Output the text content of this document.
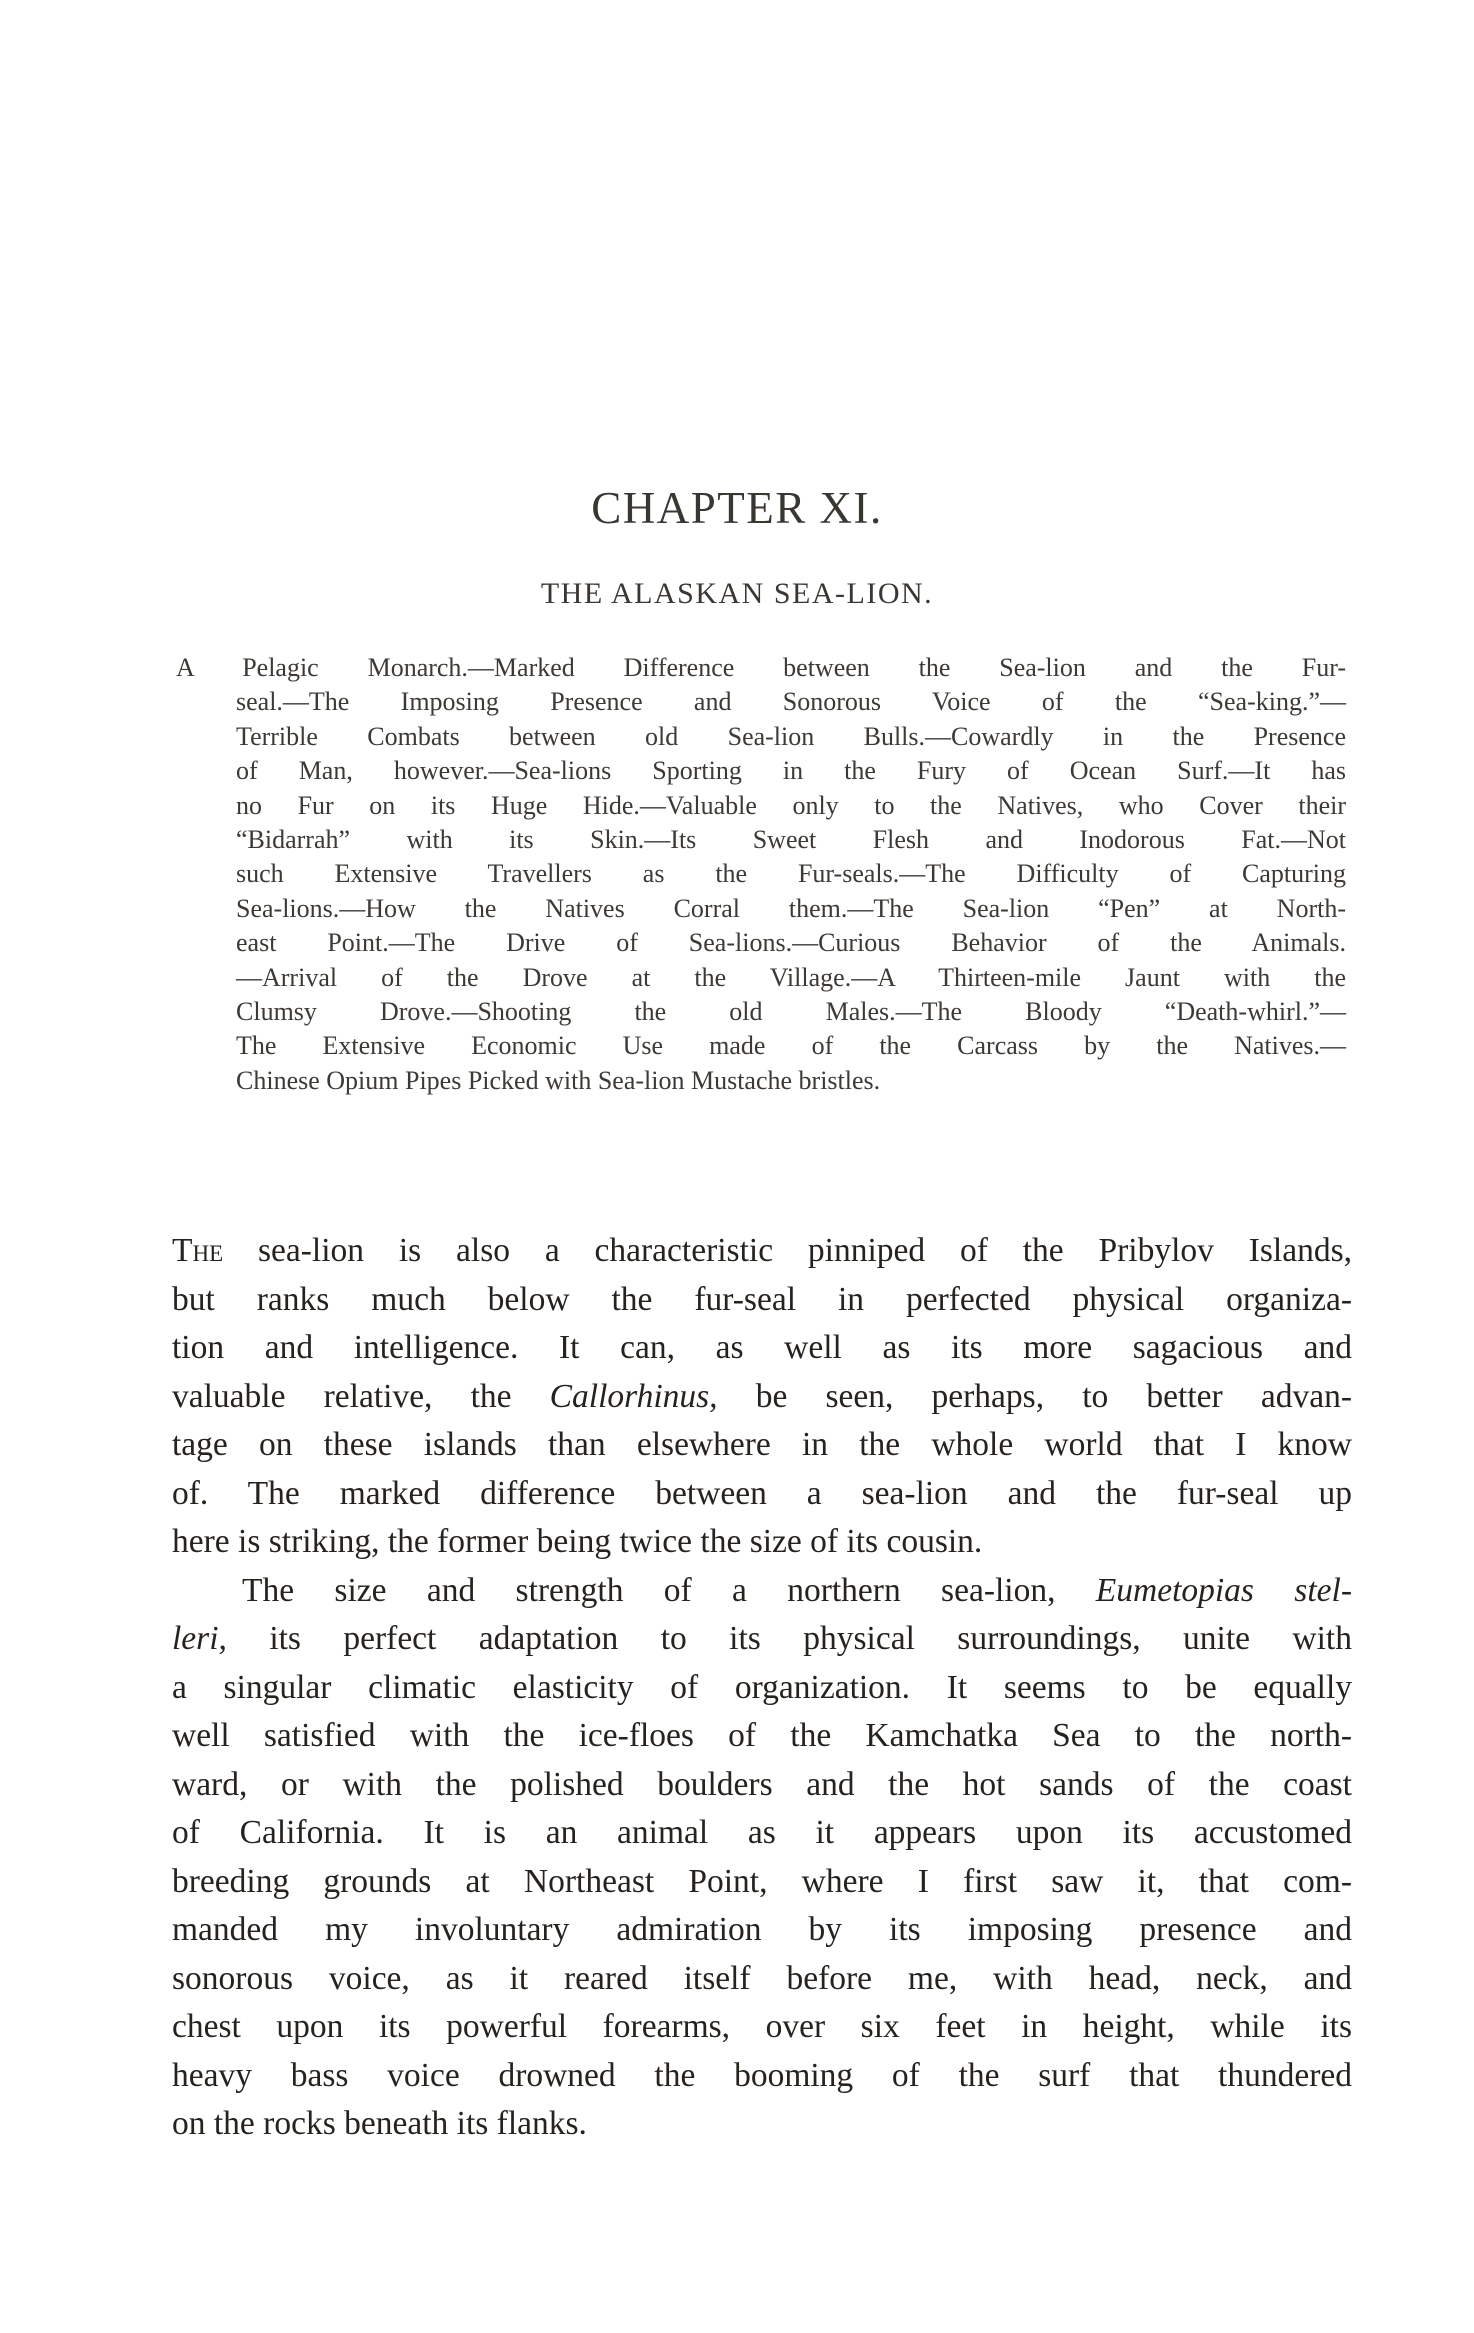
CHAPTER XI.
THE ALASKAN SEA-LION.
A Pelagic Monarch.—Marked Difference between the Sea-lion and the Fur-
seal.—The Imposing Presence and Sonorous Voice of the “Sea-king.”—
Terrible Combats between old Sea-lion Bulls.—Cowardly in the Presence
of Man, however.—Sea-lions Sporting in the Fury of Ocean Surf.—It has
no Fur on its Huge Hide.—Valuable only to the Natives, who Cover their
“Bidarrah” with its Skin.—Its Sweet Flesh and Inodorous Fat.—Not
such Extensive Travellers as the Fur-seals.—The Difficulty of Capturing
Sea-lions.—How the Natives Corral them.—The Sea-lion “Pen” at North-
east Point.—The Drive of Sea-lions.—Curious Behavior of the Animals.
—Arrival of the Drove at the Village.—A Thirteen-mile Jaunt with the
Clumsy Drove.—Shooting the old Males.—The Bloody “Death-whirl.”—
The Extensive Economic Use made of the Carcass by the Natives.—
Chinese Opium Pipes Picked with Sea-lion Mustache bristles.
The sea-lion is also a characteristic pinniped of the Pribylov Islands,
but ranks much below the fur-seal in perfected physical organiza-
tion and intelligence. It can, as well as its more sagacious and
valuable relative, the Callorhinus, be seen, perhaps, to better advan-
tage on these islands than elsewhere in the whole world that I know
of. The marked difference between a sea-lion and the fur-seal up
here is striking, the former being twice the size of its cousin.
The size and strength of a northern sea-lion, Eumetopias stel-
leri, its perfect adaptation to its physical surroundings, unite with
a singular climatic elasticity of organization. It seems to be equally
well satisfied with the ice-floes of the Kamchatka Sea to the north-
ward, or with the polished boulders and the hot sands of the coast
of California. It is an animal as it appears upon its accustomed
breeding grounds at Northeast Point, where I first saw it, that com-
manded my involuntary admiration by its imposing presence and
sonorous voice, as it reared itself before me, with head, neck, and
chest upon its powerful forearms, over six feet in height, while its
heavy bass voice drowned the booming of the surf that thundered
on the rocks beneath its flanks.
